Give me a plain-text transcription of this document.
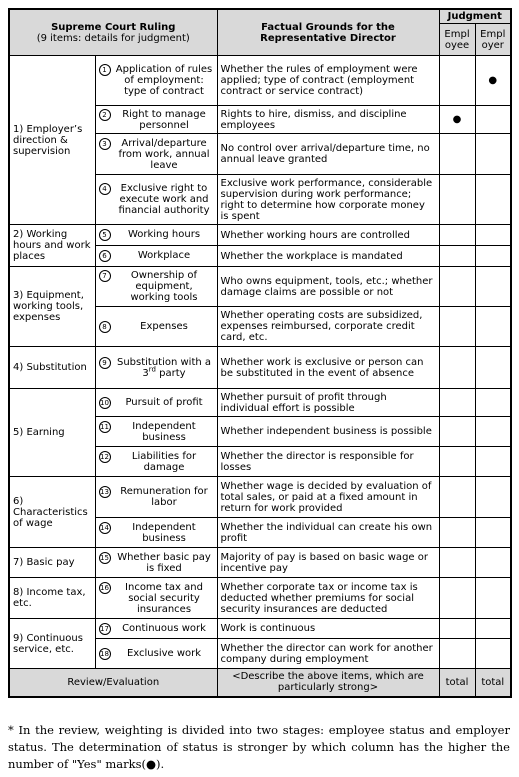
Supreme Court Ruling
(9 items: details for judgment)		Factual Grounds for the Representative Director	Judgment	
			Empl oyee	Empl oyer
1) Employer’s direction & supervision	1 Application of rules of employment: type of contract	Whether the rules of employment were applied; type of contract (employment contract or service contract)		●

	2 Right to manage personnel	Rights to hire, dismiss, and discipline employees	●	

	3 Arrival/departure from work, annual leave	No control over arrival/departure time, no annual leave granted		

	4 Exclusive right to execute work and financial authority	Exclusive work performance, considerable supervision during work performance; right to determine how corporate money is spent		
2) Working hours and work places	5 Working hours	Whether working hours are controlled		

	6 Workplace	Whether the workplace is mandated		
3) Equipment, working tools, expenses	7 Ownership of equipment, working tools	Who owns equipment, tools, etc.; whether damage claims are possible or not		

	8 Expenses	Whether operating costs are subsidized, expenses reimbursed, corporate credit card, etc.		
4) Substitution	9 Substitution with a 3rd party	Whether work is exclusive or person can be substituted in the event of absence		
5) Earning	10 Pursuit of profit	Whether pursuit of profit through individual effort is possible		

	11 Independent business	Whether independent business is possible		

	12 Liabilities for damage	Whether the director is responsible for losses		
6) Characteristics of wage	13 Remuneration for labor	Whether wage is decided by evaluation of total sales, or paid at a fixed amount in return for work provided		

	14 Independent business	Whether the individual can create his own profit		
7) Basic pay	15 Whether basic pay is fixed	Majority of pay is based on basic wage or incentive pay		
8) Income tax, etc.	16 Income tax and social security insurances	Whether corporate tax or income tax is deducted whether premiums for social security insurances are deducted		
9) Continuous service, etc.	17 Continuous work	Work is continuous		

	18 Exclusive work	Whether the director can work for another company during employment		
Review/Evaluation		<Describe the above items, which are particularly strong>	total	total
* In the review, weighting is divided into two stages: employee status and employer status. The determination of status is stronger by which column has the higher the number of "Yes" marks(●).
